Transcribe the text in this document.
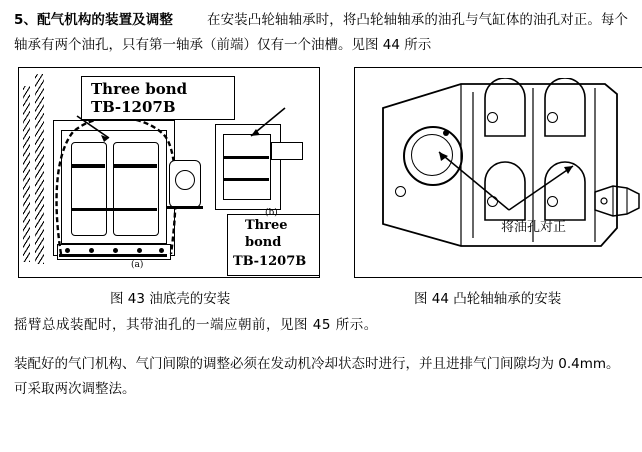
5、配气机构的装置及调整	在安装凸轮轴轴承时，将凸轮轴轴承的油孔与气缸体的油孔对正。每个轴承有两个油孔，只有第一轴承（前端）仅有一个油槽。见图 44 所示

Three bond
TB‑1207B
Three
bond
TB‑1207B
(a)
(b)
将油孔对正
图 43 油底壳的安装	图 44 凸轮轴轴承的安装

摇臂总成装配时，其带油孔的一端应朝前，见图 45 所示。

装配好的气门机构、气门间隙的调整必须在发动机冷却状态时进行，并且进排气门间隙均为 0.4mm。可采取两次调整法。
